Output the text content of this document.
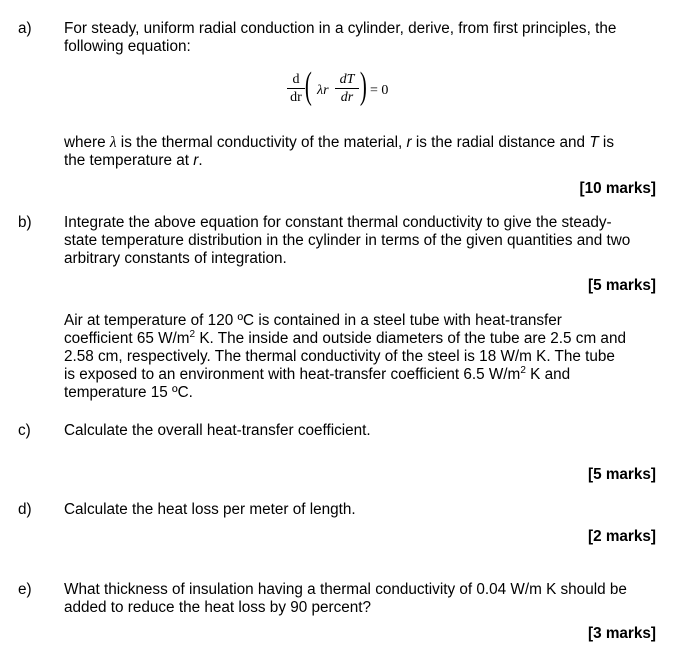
a) For steady, uniform radial conduction in a cylinder, derive, from first principles, the
following equation:
d
dr ( λr
dT
dr ) = 0
where λ is the thermal conductivity of the material, r is the radial distance and T is
the temperature at r.
[10 marks]
b) Integrate the above equation for constant thermal conductivity to give the steady-
state temperature distribution in the cylinder in terms of the given quantities and two
arbitrary constants of integration.
[5 marks]
Air at temperature of 120 ºC is contained in a steel tube with heat-transfer
coefficient 65 $W/m^2$ K. The inside and outside diameters of the tube are 2.5 cm and
2.58 cm, respectively. The thermal conductivity of the steel is 18 W/m K. The tube
is exposed to an environment with heat-transfer coefficient 6.5 $W/m^2$ K and
temperature 15 ºC.
c) Calculate the overall heat-transfer coefficient.
[5 marks]
d) Calculate the heat loss per meter of length.
[2 marks]
e) What thickness of insulation having a thermal conductivity of 0.04 W/m K should be
added to reduce the heat loss by 90 percent?
[3 marks]
